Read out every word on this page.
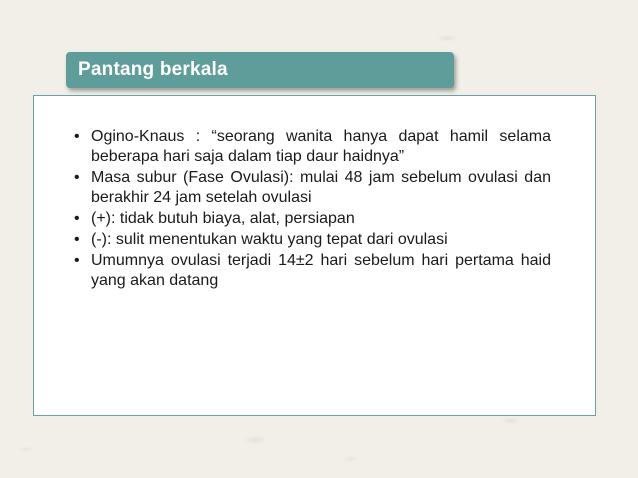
Pantang berkala
• Ogino-Knaus : “seorang wanita hanya dapat hamil selama beberapa hari saja dalam tiap daur haidnya”
• Masa subur (Fase Ovulasi): mulai 48 jam sebelum ovulasi dan berakhir 24 jam setelah ovulasi
• (+): tidak butuh biaya, alat, persiapan
• (-): sulit menentukan waktu yang tepat dari ovulasi
• Umumnya ovulasi terjadi 14±2 hari sebelum hari pertama haid yang akan datang
